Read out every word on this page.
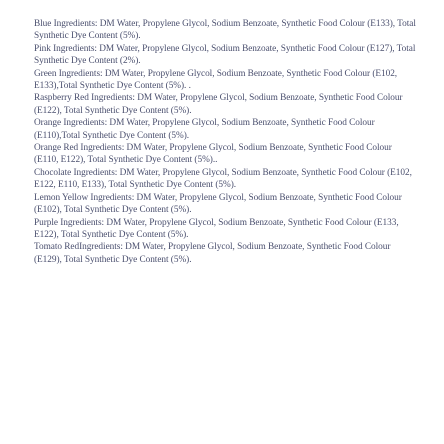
Blue Ingredients: DM Water, Propylene Glycol, Sodium Benzoate, Synthetic Food Colour (E133), Total Synthetic Dye Content (5%).

Pink Ingredients: DM Water, Propylene Glycol, Sodium Benzoate, Synthetic Food Colour (E127), Total Synthetic Dye Content (2%).

Green Ingredients: DM Water, Propylene Glycol, Sodium Benzoate, Synthetic Food Colour (E102, E133),Total Synthetic Dye Content (5%). .

Raspberry Red Ingredients: DM Water, Propylene Glycol, Sodium Benzoate, Synthetic Food Colour (E122), Total Synthetic Dye Content (5%).

Orange Ingredients: DM Water, Propylene Glycol, Sodium Benzoate, Synthetic Food Colour (E110),Total Synthetic Dye Content (5%).

Orange Red Ingredients: DM Water, Propylene Glycol, Sodium Benzoate, Synthetic Food Colour (E110, E122), Total Synthetic Dye Content (5%)..

Chocolate Ingredients: DM Water, Propylene Glycol, Sodium Benzoate, Synthetic Food Colour (E102, E122, E110, E133), Total Synthetic Dye Content (5%).

Lemon Yellow Ingredients: DM Water, Propylene Glycol, Sodium Benzoate, Synthetic Food Colour (E102), Total Synthetic Dye Content (5%).

Purple Ingredients: DM Water, Propylene Glycol, Sodium Benzoate, Synthetic Food Colour (E133, E122), Total Synthetic Dye Content (5%).

Tomato RedIngredients: DM Water, Propylene Glycol, Sodium Benzoate, Synthetic Food Colour (E129), Total Synthetic Dye Content (5%).
